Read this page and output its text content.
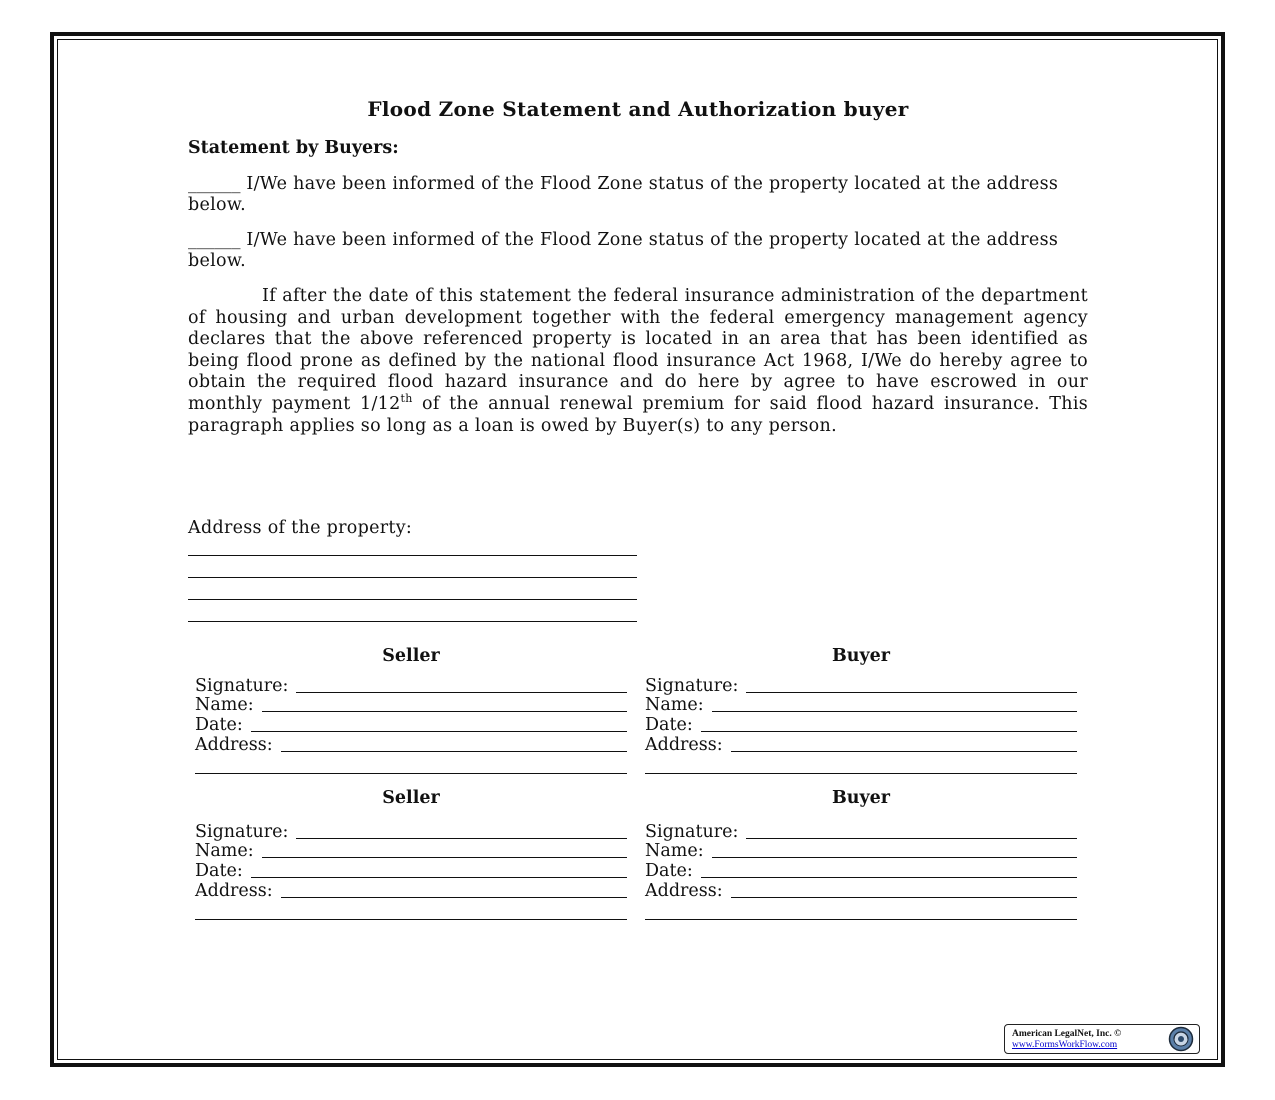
Flood Zone Statement and Authorization buyer
Statement by Buyers:
______ I/We have been informed of the Flood Zone status of the property located at the address below.
______ I/We have been informed of the Flood Zone status of the property located at the address below.
If after the date of this statement the federal insurance administration of the department of housing and urban development together with the federal emergency management agency declares that the above referenced property is located in an area that has been identified as being flood prone as defined by the national flood insurance Act 1968, I/We do hereby agree to obtain the required flood hazard insurance and do here by agree to have escrowed in our monthly payment 1/12th of the annual renewal premium for said flood hazard insurance. This paragraph applies so long as a loan is owed by Buyer(s) to any person.
Address of the property:
Seller
Signature:
Name:
Date:
Address:
Buyer
Signature:
Name:
Date:
Address:
Seller
Signature:
Name:
Date:
Address:
Buyer
Signature:
Name:
Date:
Address:
American LegalNet, Inc. ©
www.FormsWorkFlow.com
